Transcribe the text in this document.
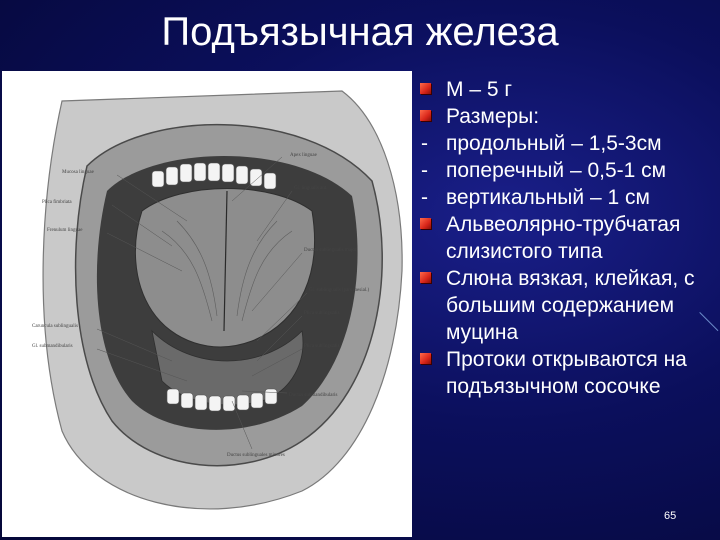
Подъязычная железа
Apex linguae
Mucosa linguae
Plica fimbriata
Frenulum linguae
Gl. lingualis ant.
Ductus sublingualis major
Gl. sublingualis (pars mesial.)
Plica sublingualis
Caruncula sublingualis
Gl. submandibularis	Plica sublingualis
Ductus submandibularis
Ductus sublinguales minores
М – 5 г
Размеры:
- продольный – 1,5-3см
- поперечный – 0,5-1 см
- вертикальный – 1 см
Альвеолярно-трубчатая слизистого типа
Слюна вязкая, клейкая, с большим содержанием муцина
Протоки открываются на подъязычном сосочке
65
